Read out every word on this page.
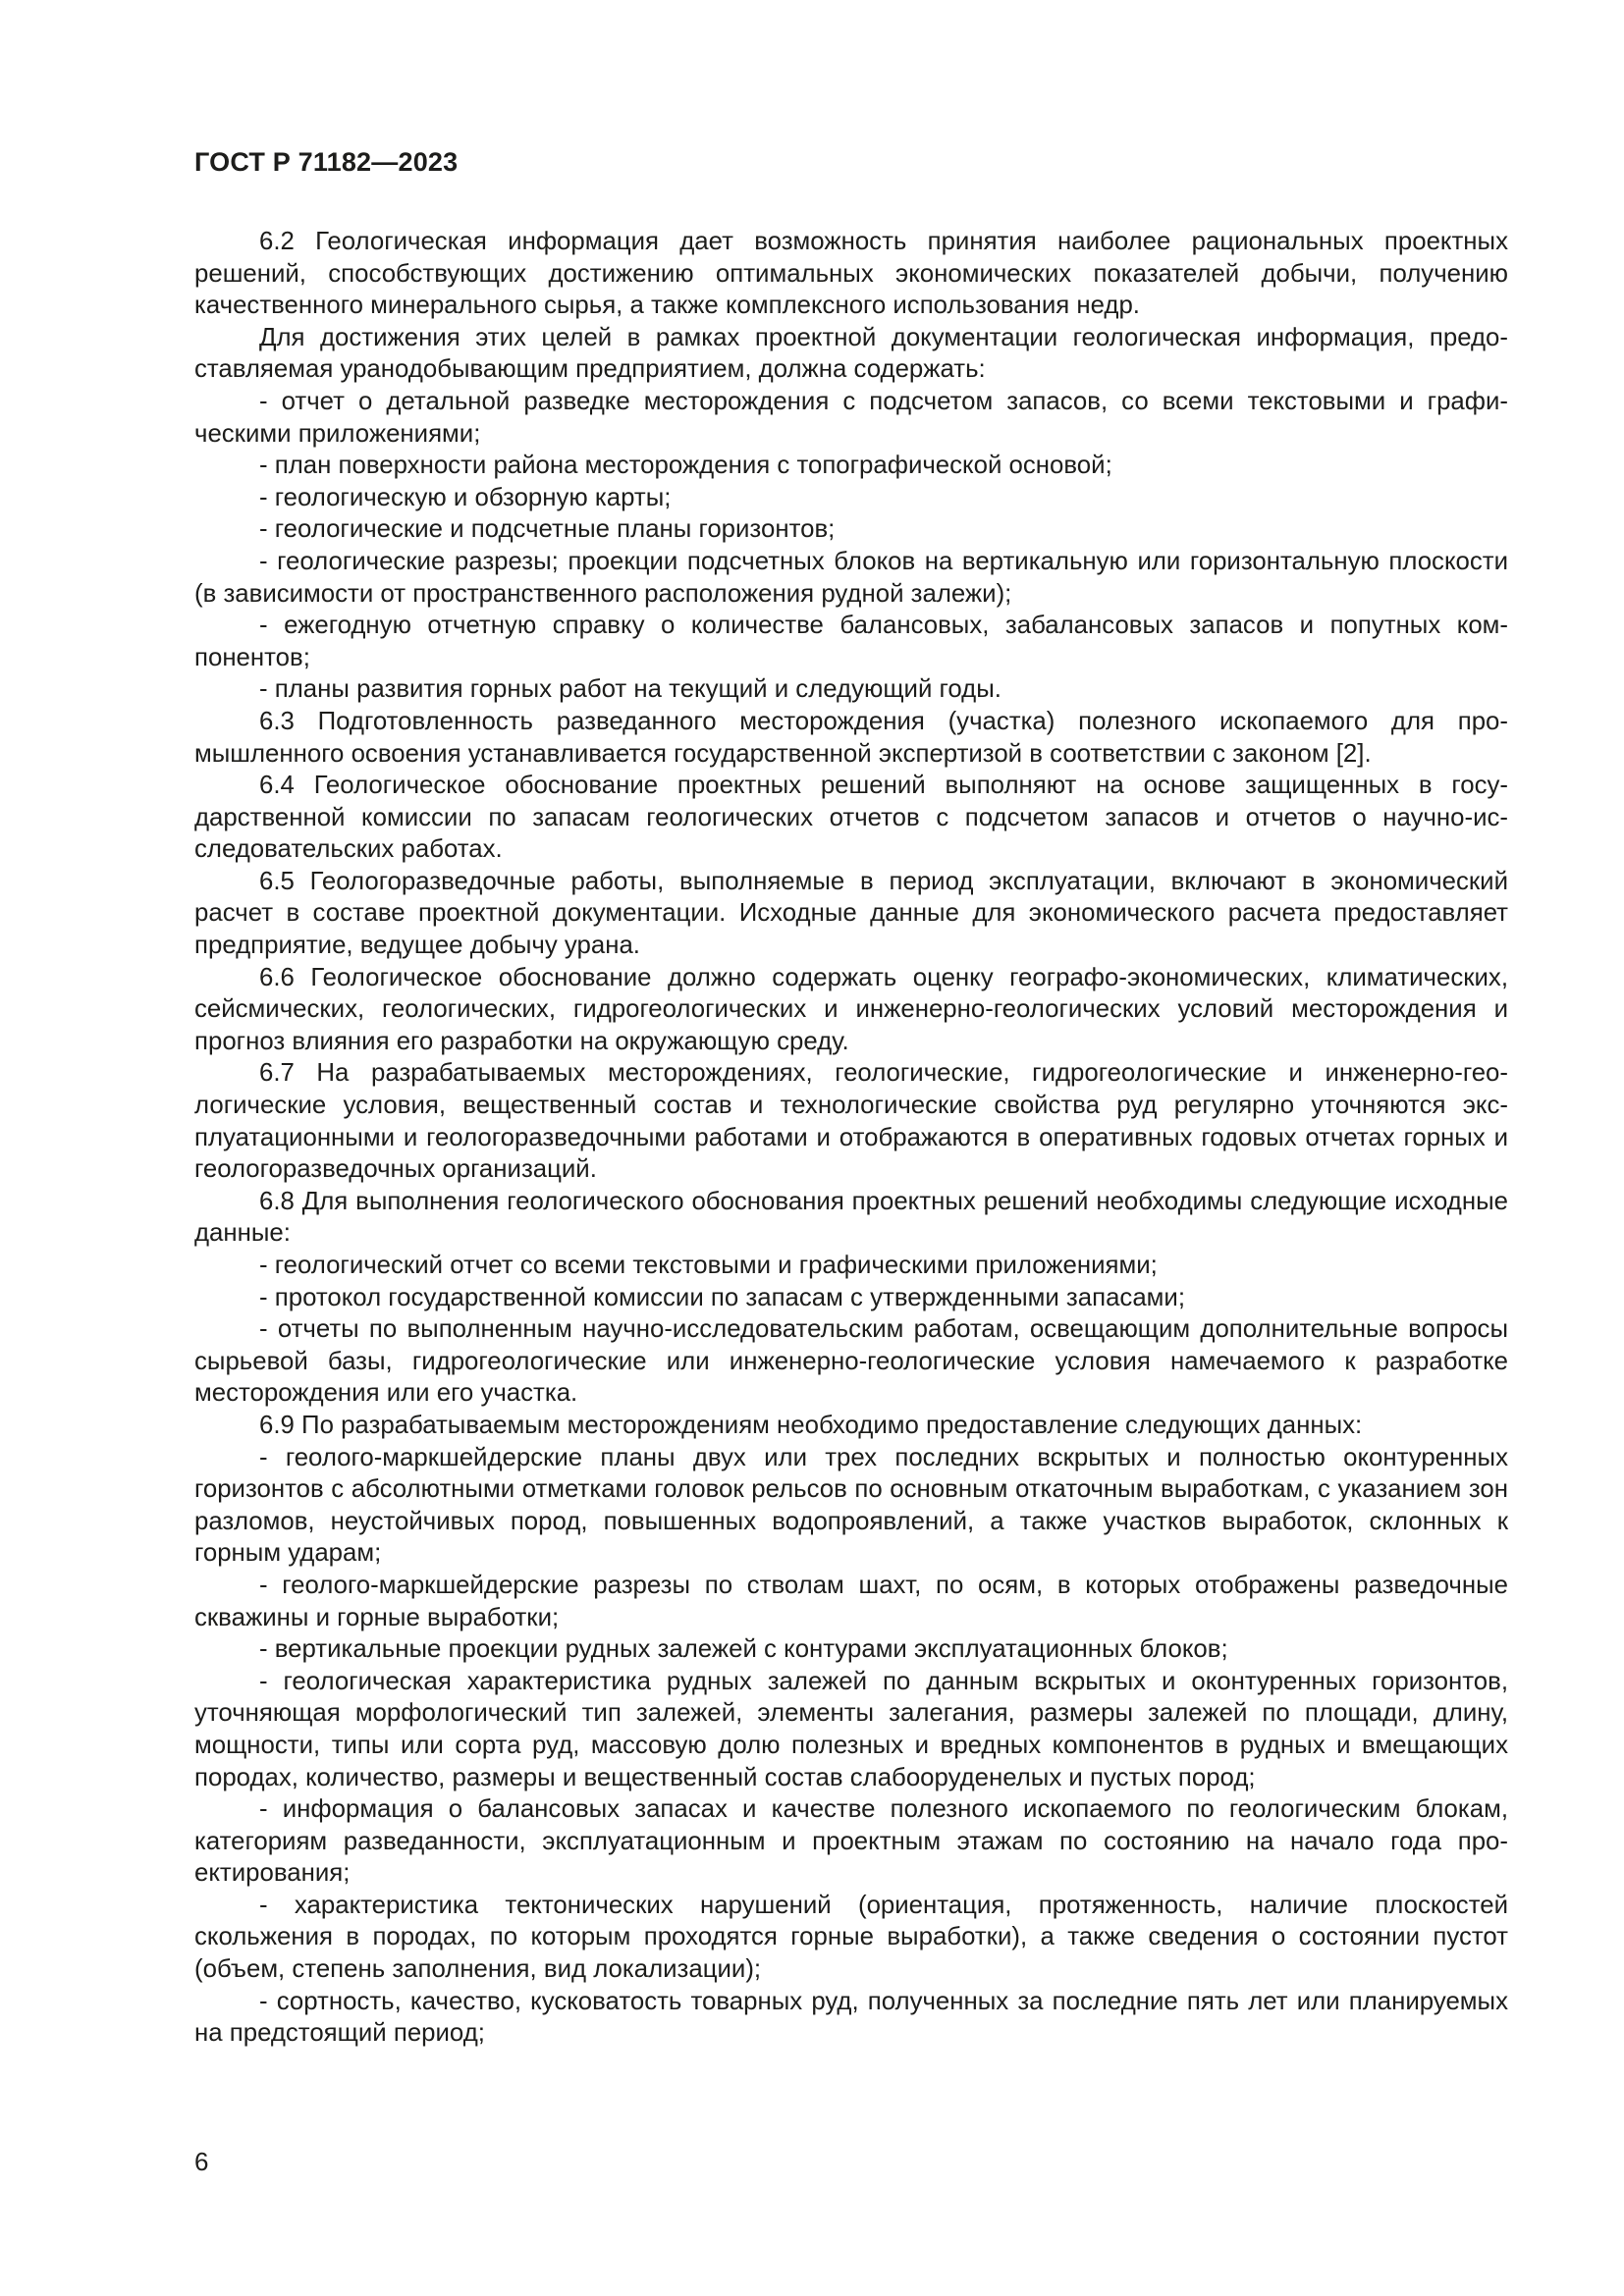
ГОСТ Р 71182—2023

6.2 Геологическая информация дает возможность принятия наиболее рациональных проектных решений, способствующих достижению оптимальных экономических показателей добычи, получению качественного минерального сырья, а также комплексного использования недр.

Для достижения этих целей в рамках проектной документации геологическая информация, предоставляемая уранодобывающим предприятием, должна содержать:

- отчет о детальной разведке месторождения с подсчетом запасов, со всеми текстовыми и графическими приложениями;

- план поверхности района месторождения с топографической основой;

- геологическую и обзорную карты;

- геологические и подсчетные планы горизонтов;

- геологические разрезы; проекции подсчетных блоков на вертикальную или горизонтальную плоскости (в зависимости от пространственного расположения рудной залежи);

- ежегодную отчетную справку о количестве балансовых, забалансовых запасов и попутных компонентов;

- планы развития горных работ на текущий и следующий годы.

6.3 Подготовленность разведанного месторождения (участка) полезного ископаемого для промышленного освоения устанавливается государственной экспертизой в соответствии с законом [2].

6.4 Геологическое обоснование проектных решений выполняют на основе защищенных в государственной комиссии по запасам геологических отчетов с подсчетом запасов и отчетов о научно-исследовательских работах.

6.5 Геологоразведочные работы, выполняемые в период эксплуатации, включают в экономический расчет в составе проектной документации. Исходные данные для экономического расчета предоставляет предприятие, ведущее добычу урана.

6.6 Геологическое обоснование должно содержать оценку географо-экономических, климатических, сейсмических, геологических, гидрогеологических и инженерно-геологических условий месторождения и прогноз влияния его разработки на окружающую среду.

6.7 На разрабатываемых месторождениях, геологические, гидрогеологические и инженерно-геологические условия, вещественный состав и технологические свойства руд регулярно уточняются эксплуатационными и геологоразведочными работами и отображаются в оперативных годовых отчетах горных и геологоразведочных организаций.

6.8 Для выполнения геологического обоснования проектных решений необходимы следующие исходные данные:

- геологический отчет со всеми текстовыми и графическими приложениями;

- протокол государственной комиссии по запасам с утвержденными запасами;

- отчеты по выполненным научно-исследовательским работам, освещающим дополнительные вопросы сырьевой базы, гидрогеологические или инженерно-геологические условия намечаемого к разработке месторождения или его участка.

6.9 По разрабатываемым месторождениям необходимо предоставление следующих данных:

- геолого-маркшейдерские планы двух или трех последних вскрытых и полностью оконтуренных горизонтов с абсолютными отметками головок рельсов по основным откаточным выработкам, с указанием зон разломов, неустойчивых пород, повышенных водопроявлений, а также участков выработок, склонных к горным ударам;

- геолого-маркшейдерские разрезы по стволам шахт, по осям, в которых отображены разведочные скважины и горные выработки;

- вертикальные проекции рудных залежей с контурами эксплуатационных блоков;

- геологическая характеристика рудных залежей по данным вскрытых и оконтуренных горизонтов, уточняющая морфологический тип залежей, элементы залегания, размеры залежей по площади, длину, мощности, типы или сорта руд, массовую долю полезных и вредных компонентов в рудных и вмещающих породах, количество, размеры и вещественный состав слабооруденелых и пустых пород;

- информация о балансовых запасах и качестве полезного ископаемого по геологическим блокам, категориям разведанности, эксплуатационным и проектным этажам по состоянию на начало года проектирования;

- характеристика тектонических нарушений (ориентация, протяженность, наличие плоскостей скольжения в породах, по которым проходятся горные выработки), а также сведения о состоянии пустот (объем, степень заполнения, вид локализации);

- сортность, качество, кусковатость товарных руд, полученных за последние пять лет или планируемых на предстоящий период;

6
